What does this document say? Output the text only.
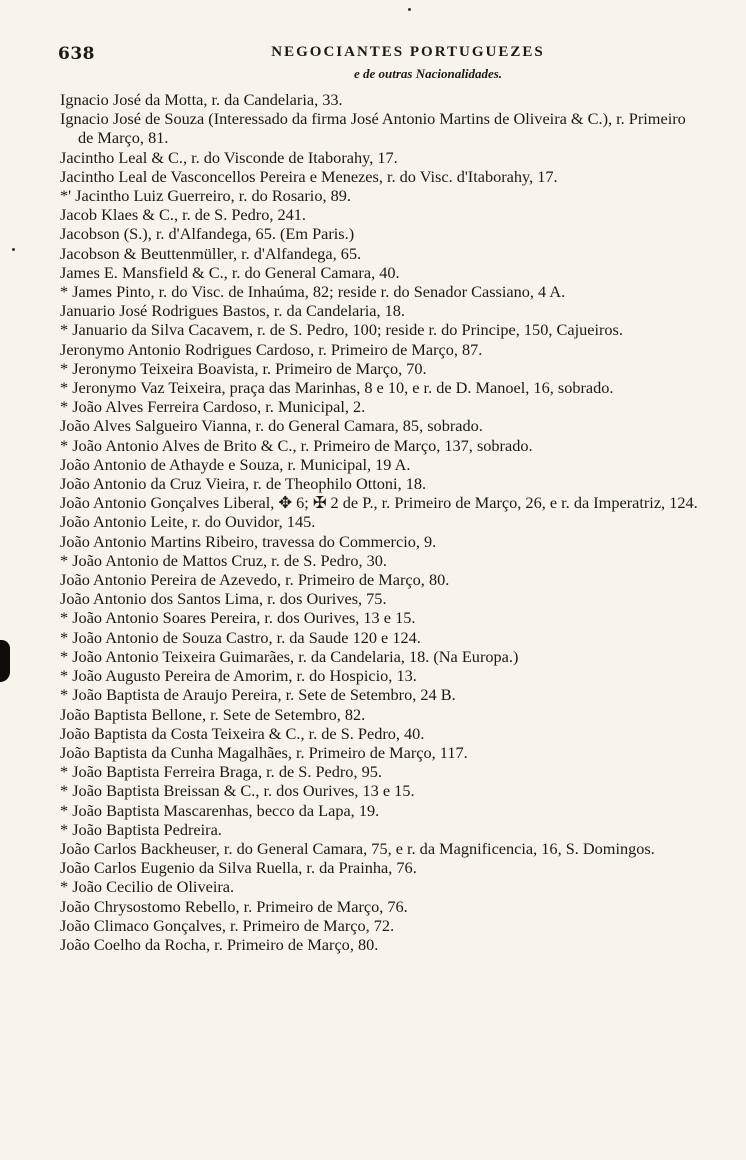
638	NEGOCIANTES PORTUGUEZES
e de outras Nacionalidades.

Ignacio José da Motta, r. da Candelaria, 33.

Ignacio José de Souza (Interessado da firma José Antonio Martins de Oliveira & C.), r. Primeiro de Março, 81.

Jacintho Leal & C., r. do Visconde de Itaborahy, 17.

Jacintho Leal de Vasconcellos Pereira e Menezes, r. do Visc. d'Itaborahy, 17.

*' Jacintho Luiz Guerreiro, r. do Rosario, 89.

Jacob Klaes & C., r. de S. Pedro, 241.

Jacobson (S.), r. d'Alfandega, 65. (Em Paris.)

Jacobson & Beuttenmüller, r. d'Alfandega, 65.

James E. Mansfield & C., r. do General Camara, 40.

* James Pinto, r. do Visc. de Inhaúma, 82; reside r. do Senador Cassiano, 4 A.

Januario José Rodrigues Bastos, r. da Candelaria, 18.

* Januario da Silva Cacavem, r. de S. Pedro, 100; reside r. do Principe, 150, Cajueiros.

Jeronymo Antonio Rodrigues Cardoso, r. Primeiro de Março, 87.

* Jeronymo Teixeira Boavista, r. Primeiro de Março, 70.

* Jeronymo Vaz Teixeira, praça das Marinhas, 8 e 10, e r. de D. Manoel, 16, sobrado.

* João Alves Ferreira Cardoso, r. Municipal, 2.

João Alves Salgueiro Vianna, r. do General Camara, 85, sobrado.

* João Antonio Alves de Brito & C., r. Primeiro de Março, 137, sobrado.

João Antonio de Athayde e Souza, r. Municipal, 19 A.

João Antonio da Cruz Vieira, r. de Theophilo Ottoni, 18.

João Antonio Gonçalves Liberal, ✥ 6; ✠ 2 de P., r. Primeiro de Março, 26, e r. da Imperatriz, 124.

João Antonio Leite, r. do Ouvidor, 145.

João Antonio Martins Ribeiro, travessa do Commercio, 9.

* João Antonio de Mattos Cruz, r. de S. Pedro, 30.

João Antonio Pereira de Azevedo, r. Primeiro de Março, 80.

João Antonio dos Santos Lima, r. dos Ourives, 75.

* João Antonio Soares Pereira, r. dos Ourives, 13 e 15.

* João Antonio de Souza Castro, r. da Saude 120 e 124.

* João Antonio Teixeira Guimarães, r. da Candelaria, 18. (Na Europa.)

* João Augusto Pereira de Amorim, r. do Hospicio, 13.

* João Baptista de Araujo Pereira, r. Sete de Setembro, 24 B.

João Baptista Bellone, r. Sete de Setembro, 82.

João Baptista da Costa Teixeira & C., r. de S. Pedro, 40.

João Baptista da Cunha Magalhães, r. Primeiro de Março, 117.

* João Baptista Ferreira Braga, r. de S. Pedro, 95.

* João Baptista Breissan & C., r. dos Ourives, 13 e 15.

* João Baptista Mascarenhas, becco da Lapa, 19.

* João Baptista Pedreira.

João Carlos Backheuser, r. do General Camara, 75, e r. da Magnificencia, 16, S. Domingos.

João Carlos Eugenio da Silva Ruella, r. da Prainha, 76.

* João Cecilio de Oliveira.

João Chrysostomo Rebello, r. Primeiro de Março, 76.

João Climaco Gonçalves, r. Primeiro de Março, 72.

João Coelho da Rocha, r. Primeiro de Março, 80.
